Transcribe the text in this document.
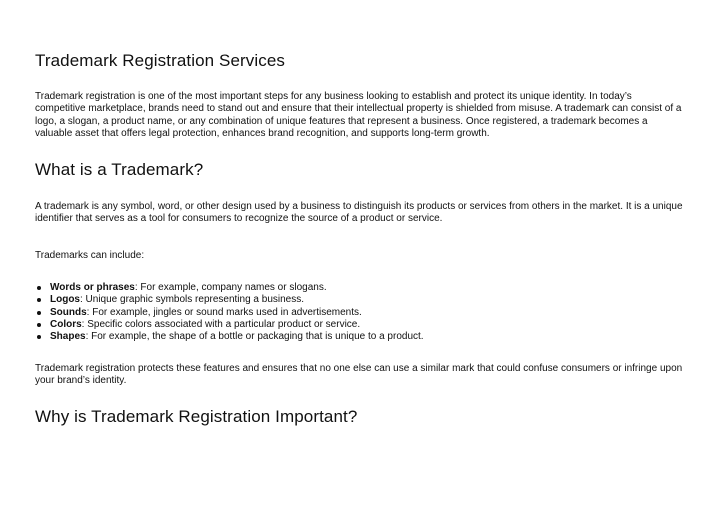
Trademark Registration Services

Trademark registration is one of the most important steps for any business looking to establish and protect its unique identity. In today’s competitive marketplace, brands need to stand out and ensure that their intellectual property is shielded from misuse. A trademark can consist of a logo, a slogan, a product name, or any combination of unique features that represent a business. Once registered, a trademark becomes a valuable asset that offers legal protection, enhances brand recognition, and supports long-term growth.

What is a Trademark?

A trademark is any symbol, word, or other design used by a business to distinguish its products or services from others in the market. It is a unique identifier that serves as a tool for consumers to recognize the source of a product or service.

Trademarks can include:

Words or phrases: For example, company names or slogans.
Logos: Unique graphic symbols representing a business.
Sounds: For example, jingles or sound marks used in advertisements.
Colors: Specific colors associated with a particular product or service.
Shapes: For example, the shape of a bottle or packaging that is unique to a product.

Trademark registration protects these features and ensures that no one else can use a similar mark that could confuse consumers or infringe upon your brand’s identity.

Why is Trademark Registration Important?
